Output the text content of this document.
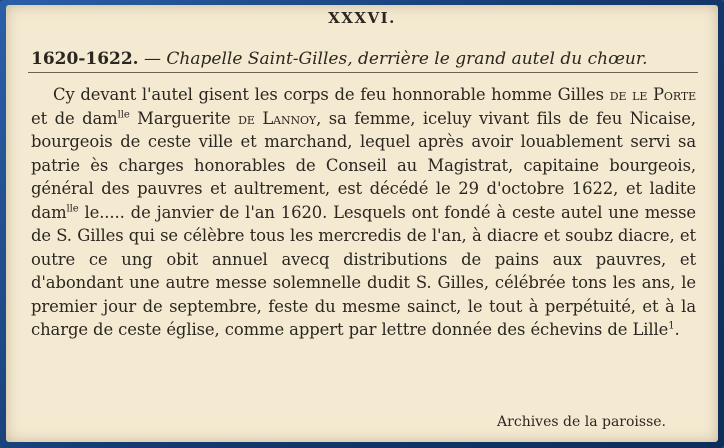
XXXVI.
1620-1622. — Chapelle Saint-Gilles, derrière le grand autel du chœur.
Cy devant l'autel gisent les corps de feu honnorable homme Gilles de le Porte et de dam$^{lle}$ Marguerite de Lannoy, sa femme, iceluy vivant fils de feu Nicaise, bourgeois de ceste ville et marchand, lequel après avoir louablement servi sa patrie ès charges honorables de Conseil au Magistrat, capitaine bourgeois, général des pauvres et aultrement, est décédé le 29 d'octobre 1622, et ladite dam$^{lle}$ le..... de janvier de l'an 1620. Lesquels ont fondé à ceste autel une messe de S. Gilles qui se célèbre tous les mercredis de l'an, à diacre et soubz diacre, et outre ce ung obit annuel avecq distributions de pains aux pauvres, et d'abondant une autre messe solemnelle dudit S. Gilles, célébrée tons les ans, le premier jour de septembre, feste du mesme sainct, le tout à perpétuité, et à la charge de ceste église, comme appert par lettre donnée des échevins de Lille$^1$.
Archives de la paroisse.
